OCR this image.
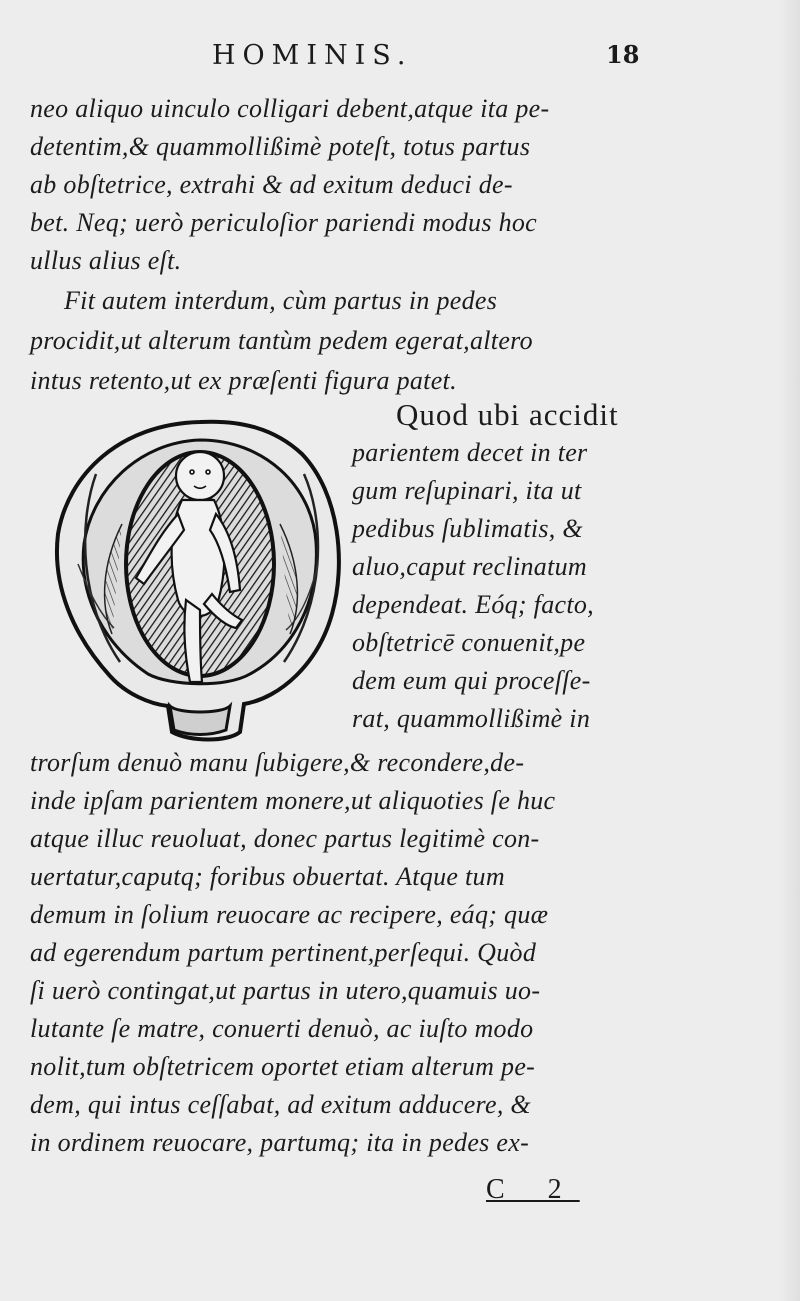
HOMINIS.	18
neo aliquo uinculo colligari debent,atque ita pe-
detentim,& quammollißimè poteſt, totus partus
ab obſtetrice, extrahi & ad exitum deduci de-
bet. Neq; uerò periculoſior pariendi modus hoc
ullus alius eſt.
Fit autem interdum, cùm partus in pedes
procidit,ut alterum tantùm pedem egerat,altero
intus retento,ut ex præſenti figura patet.
Quod ubi accidit
parientem decet in ter
gum reſupinari, ita ut
pedibus ſublimatis, &
aluo,caput reclinatum
dependeat. Eóq; facto,
obſtetricē conuenit,pe
dem eum qui proceſſe-
rat, quammollißimè in
trorſum denuò manu ſubigere,& recondere,de-
inde ipſam parientem monere,ut aliquoties ſe huc
atque illuc reuoluat, donec partus legitimè con-
uertatur,caputq; foribus obuertat. Atque tum
demum in ſolium reuocare ac recipere, eáq; quæ
ad egerendum partum pertinent,perſequi. Quòd
ſi uerò contingat,ut partus in utero,quamuis uo-
lutante ſe matre, conuerti denuò, ac iuſto modo
nolit,tum obſtetricem oportet etiam alterum pe-
dem, qui intus ceſſabat, ad exitum adducere, &
in ordinem reuocare, partumq; ita in pedes ex-
C 2
